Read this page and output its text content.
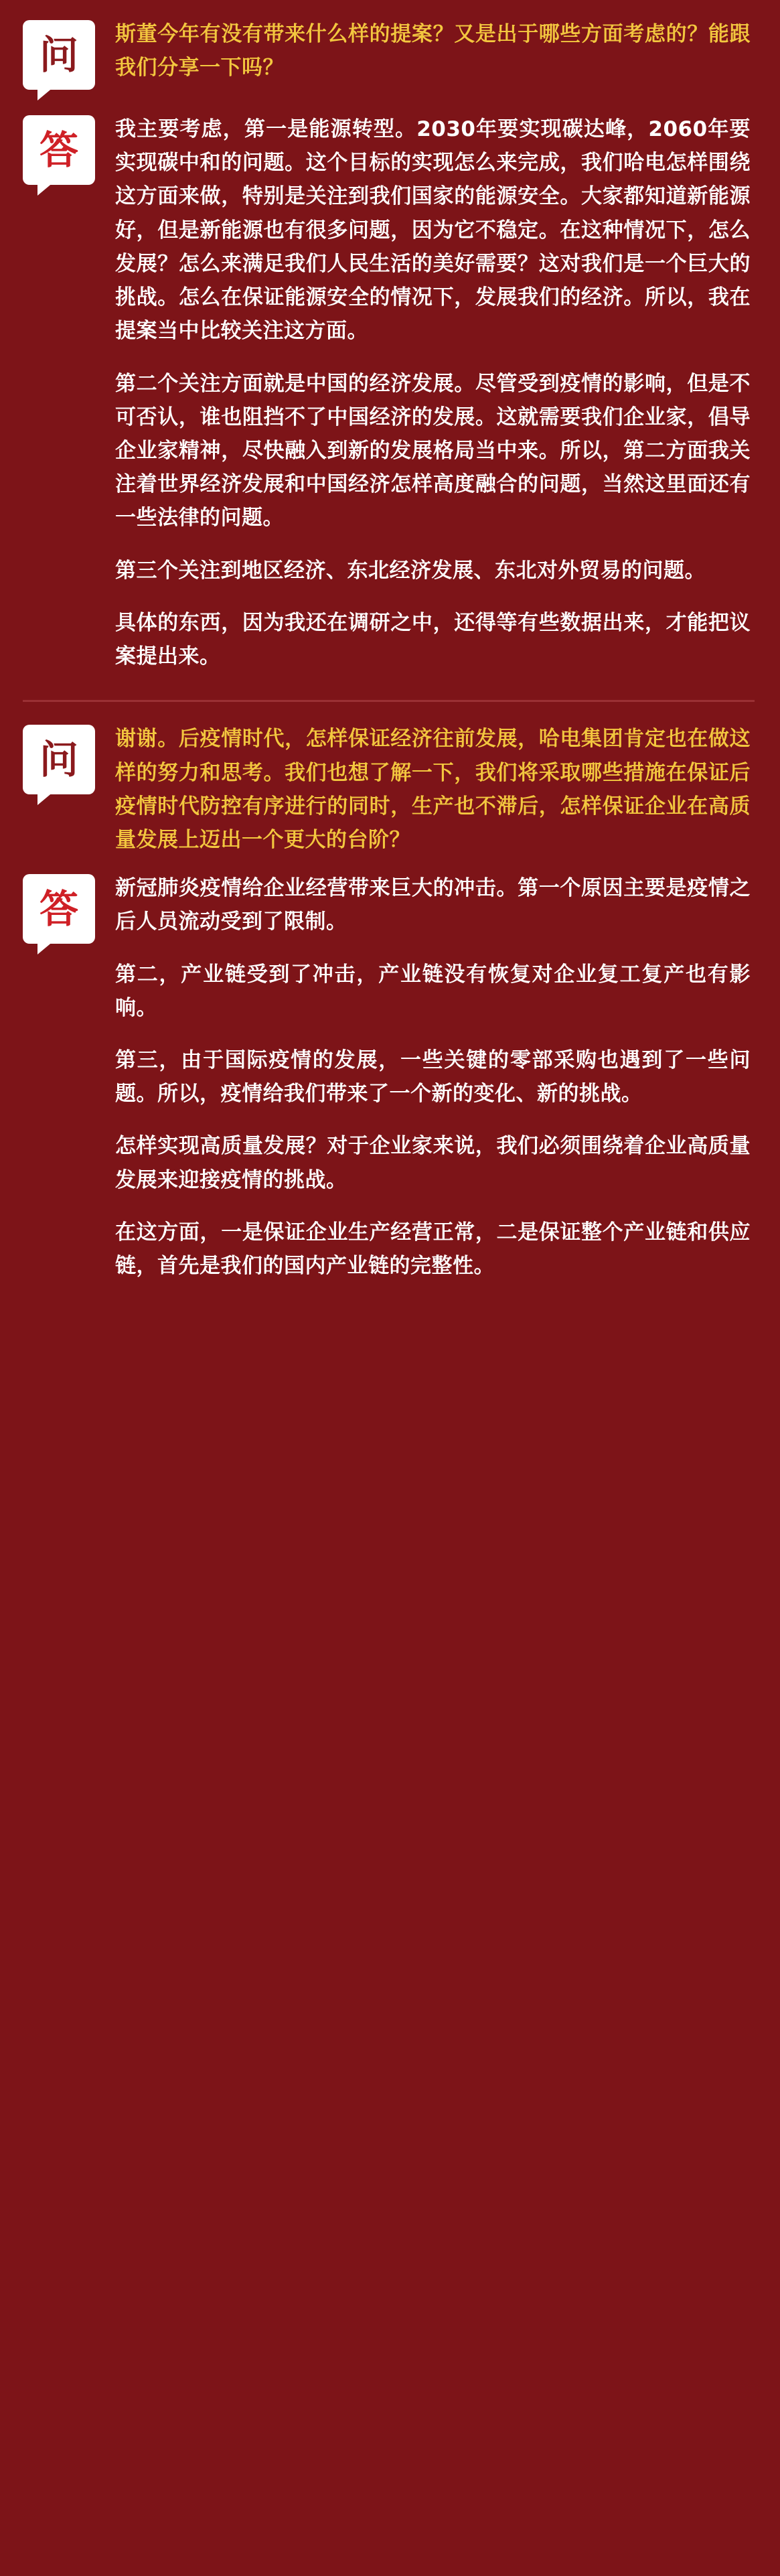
问 斯董今年有没有带来什么样的提案？又是出于哪些方面考虑的？能跟我们分享一下吗？

答 我主要考虑，第一是能源转型。2030年要实现碳达峰，2060年要实现碳中和的问题。这个目标的实现怎么来完成，我们哈电怎样围绕这方面来做，特别是关注到我们国家的能源安全。大家都知道新能源好，但是新能源也有很多问题，因为它不稳定。在这种情况下，怎么发展？怎么来满足我们人民生活的美好需要？这对我们是一个巨大的挑战。怎么在保证能源安全的情况下，发展我们的经济。所以，我在提案当中比较关注这方面。

第二个关注方面就是中国的经济发展。尽管受到疫情的影响，但是不可否认，谁也阻挡不了中国经济的发展。这就需要我们企业家，倡导企业家精神，尽快融入到新的发展格局当中来。所以，第二方面我关注着世界经济发展和中国经济怎样高度融合的问题，当然这里面还有一些法律的问题。

第三个关注到地区经济、东北经济发展、东北对外贸易的问题。

具体的东西，因为我还在调研之中，还得等有些数据出来，才能把议案提出来。

问 谢谢。后疫情时代，怎样保证经济往前发展，哈电集团肯定也在做这样的努力和思考。我们也想了解一下，我们将采取哪些措施在保证后疫情时代防控有序进行的同时，生产也不滞后，怎样保证企业在高质量发展上迈出一个更大的台阶？

答 新冠肺炎疫情给企业经营带来巨大的冲击。第一个原因主要是疫情之后人员流动受到了限制。

第二，产业链受到了冲击，产业链没有恢复对企业复工复产也有影响。

第三，由于国际疫情的发展，一些关键的零部采购也遇到了一些问题。所以，疫情给我们带来了一个新的变化、新的挑战。

怎样实现高质量发展？对于企业家来说，我们必须围绕着企业高质量发展来迎接疫情的挑战。

在这方面，一是保证企业生产经营正常，二是保证整个产业链和供应链，首先是我们的国内产业链的完整性。
